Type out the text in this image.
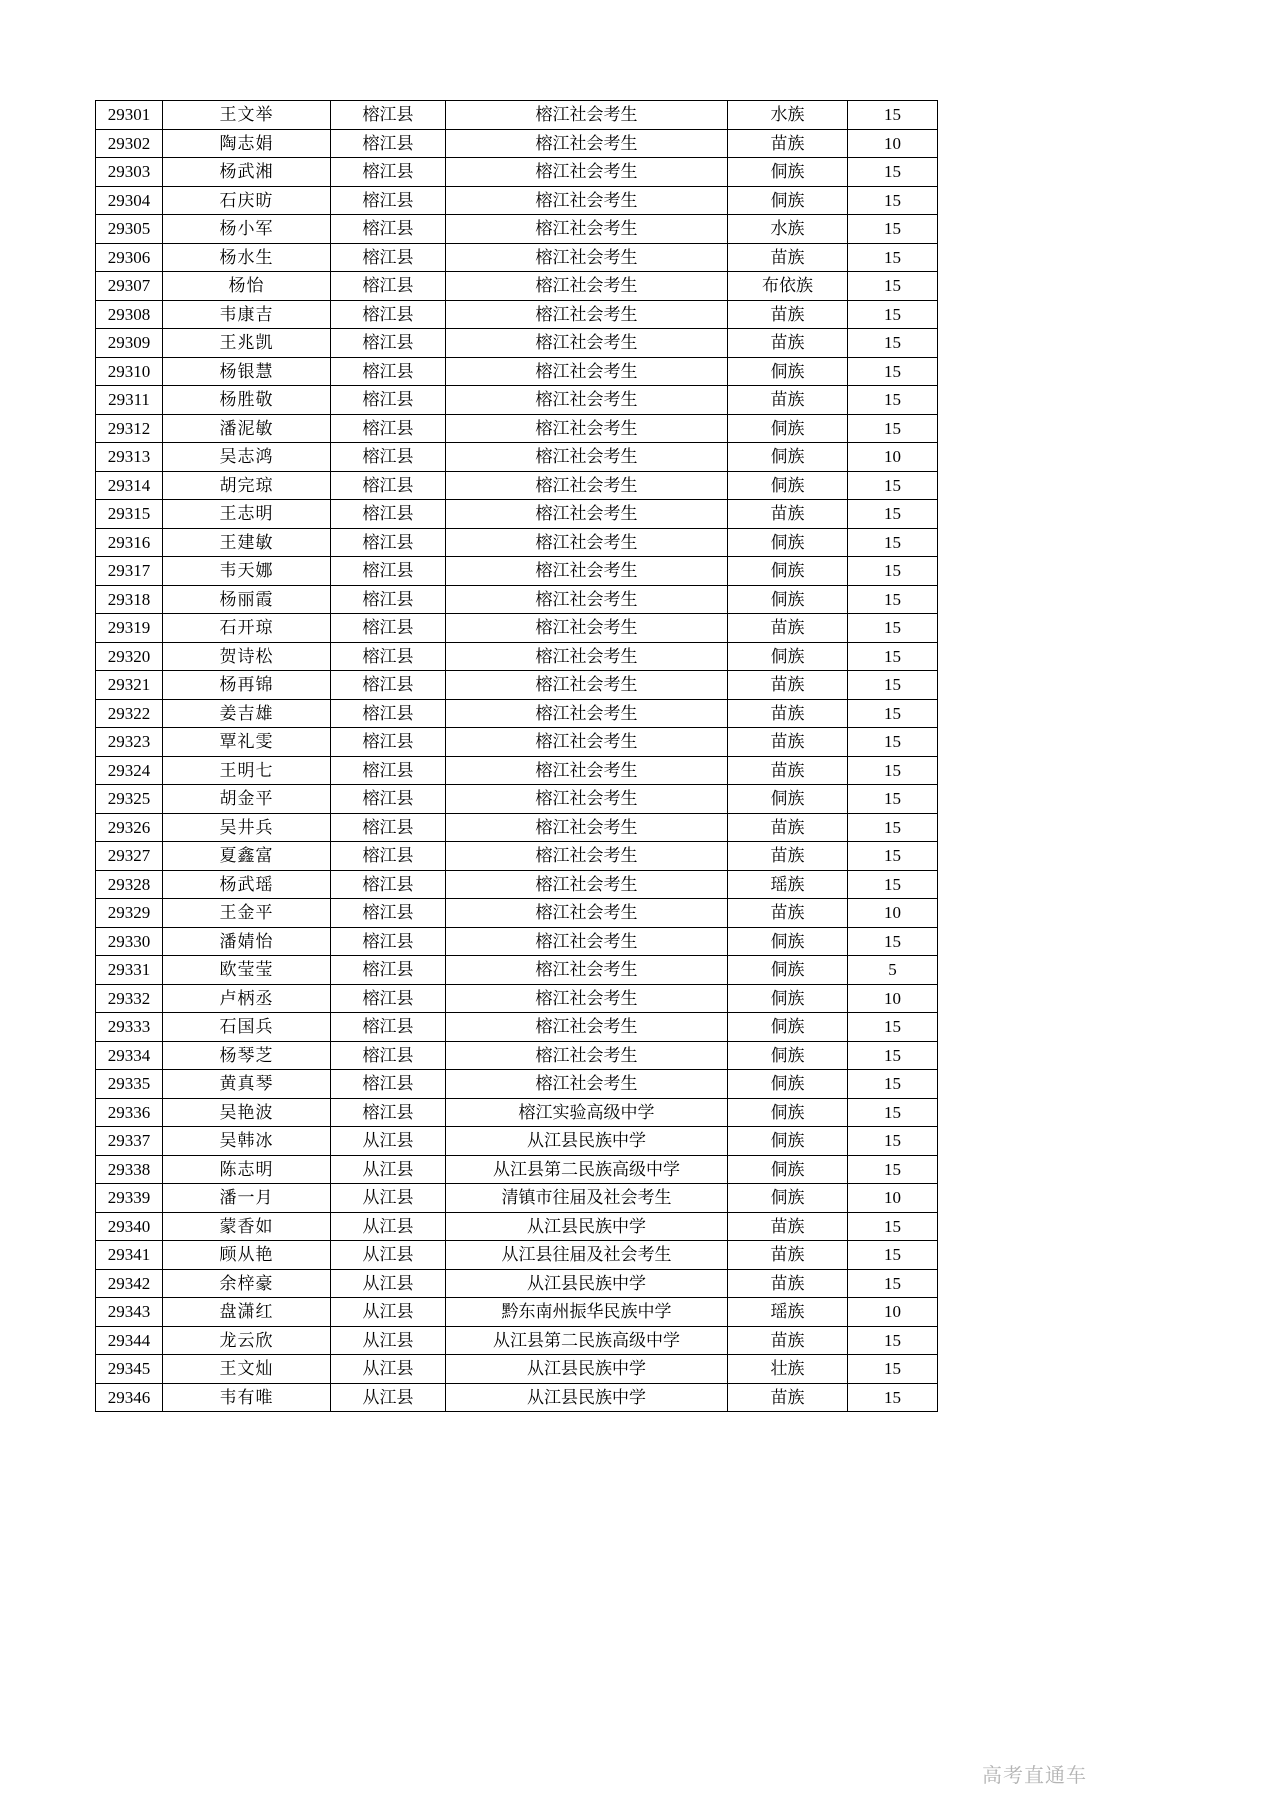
29301	王文举	榕江县	榕江社会考生	水族	15
29302	陶志娟	榕江县	榕江社会考生	苗族	10
29303	杨武湘	榕江县	榕江社会考生	侗族	15
29304	石庆昉	榕江县	榕江社会考生	侗族	15
29305	杨小军	榕江县	榕江社会考生	水族	15
29306	杨水生	榕江县	榕江社会考生	苗族	15
29307	杨怡	榕江县	榕江社会考生	布依族	15
29308	韦康吉	榕江县	榕江社会考生	苗族	15
29309	王兆凯	榕江县	榕江社会考生	苗族	15
29310	杨银慧	榕江县	榕江社会考生	侗族	15
29311	杨胜敬	榕江县	榕江社会考生	苗族	15
29312	潘泥敏	榕江县	榕江社会考生	侗族	15
29313	吴志鸿	榕江县	榕江社会考生	侗族	10
29314	胡完琼	榕江县	榕江社会考生	侗族	15
29315	王志明	榕江县	榕江社会考生	苗族	15
29316	王建敏	榕江县	榕江社会考生	侗族	15
29317	韦天娜	榕江县	榕江社会考生	侗族	15
29318	杨丽霞	榕江县	榕江社会考生	侗族	15
29319	石开琼	榕江县	榕江社会考生	苗族	15
29320	贺诗松	榕江县	榕江社会考生	侗族	15
29321	杨再锦	榕江县	榕江社会考生	苗族	15
29322	姜吉雄	榕江县	榕江社会考生	苗族	15
29323	覃礼雯	榕江县	榕江社会考生	苗族	15
29324	王明七	榕江县	榕江社会考生	苗族	15
29325	胡金平	榕江县	榕江社会考生	侗族	15
29326	吴井兵	榕江县	榕江社会考生	苗族	15
29327	夏鑫富	榕江县	榕江社会考生	苗族	15
29328	杨武瑶	榕江县	榕江社会考生	瑶族	15
29329	王金平	榕江县	榕江社会考生	苗族	10
29330	潘婧怡	榕江县	榕江社会考生	侗族	15
29331	欧莹莹	榕江县	榕江社会考生	侗族	5
29332	卢柄丞	榕江县	榕江社会考生	侗族	10
29333	石国兵	榕江县	榕江社会考生	侗族	15
29334	杨琴芝	榕江县	榕江社会考生	侗族	15
29335	黄真琴	榕江县	榕江社会考生	侗族	15
29336	吴艳波	榕江县	榕江实验高级中学	侗族	15
29337	吴韩冰	从江县	从江县民族中学	侗族	15
29338	陈志明	从江县	从江县第二民族高级中学	侗族	15
29339	潘一月	从江县	清镇市往届及社会考生	侗族	10
29340	蒙香如	从江县	从江县民族中学	苗族	15
29341	顾从艳	从江县	从江县往届及社会考生	苗族	15
29342	余梓豪	从江县	从江县民族中学	苗族	15
29343	盘潇红	从江县	黔东南州振华民族中学	瑶族	10
29344	龙云欣	从江县	从江县第二民族高级中学	苗族	15
29345	王文灿	从江县	从江县民族中学	壮族	15
29346	韦有唯	从江县	从江县民族中学	苗族	15
高考直通车
